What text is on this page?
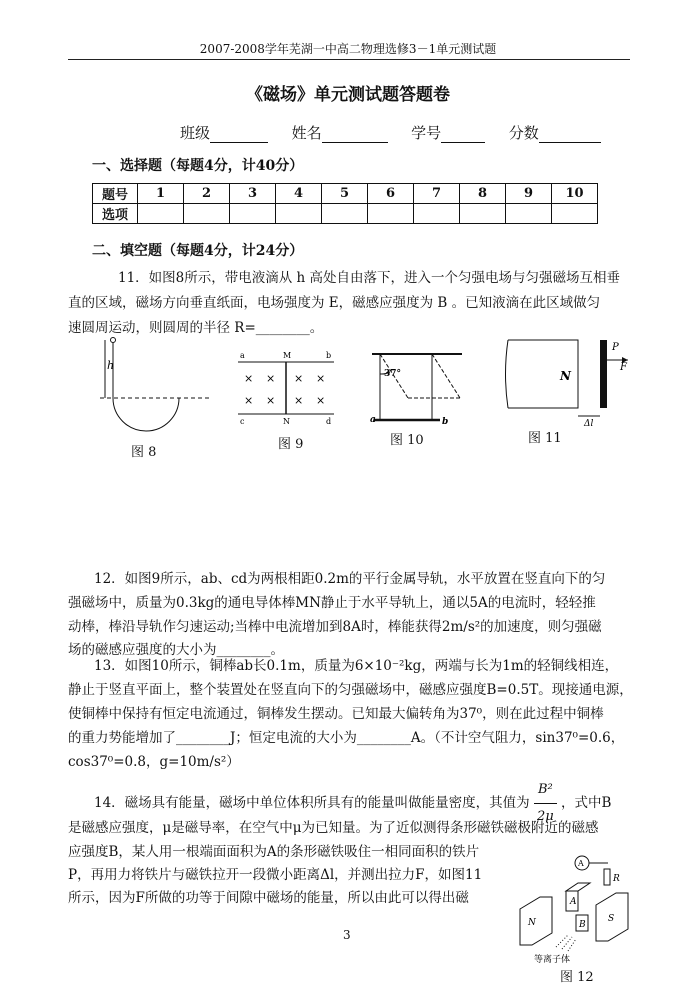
2007-2008学年芜湖一中高二物理选修3－1单元测试题
《磁场》单元测试题答题卷
班级	姓名	学号	分数
一、选择题（每题4分，计40分）
题号	1	2	3	4	5	6	7	8	9	10
选项										
二、填空题（每题4分，计24分）
11．如图8所示，带电液滴从 h 高处自由落下，进入一个匀强电场与匀强磁场互相垂
直的区域，磁场方向垂直纸面，电场强度为 E，磁感应强度为 B 。已知液滴在此区域做匀
速圆周运动，则圆周的半径 R=________。
h
图 8
a	M	b
× × × ×
× × × ×
c	N	d
图 9
37°
a	b
图 10
N
P
F
Δl
图 11
12．如图9所示，ab、cd为两根相距0.2m的平行金属导轨，水平放置在竖直向下的匀
强磁场中，质量为0.3kg的通电导体棒MN静止于水平导轨上，通以5A的电流时，轻轻推
动棒，棒沿导轨作匀速运动;当棒中电流增加到8A时，棒能获得2m/s²的加速度，则匀强磁
场的磁感应强度的大小为________。
13．如图10所示，铜棒ab长0.1m，质量为6×10⁻²kg，两端与长为1m的轻铜线相连，
静止于竖直平面上，整个装置处在竖直向下的匀强磁场中，磁感应强度B=0.5T。现接通电源，
使铜棒中保持有恒定电流通过，铜棒发生摆动。已知最大偏转角为37⁰，则在此过程中铜棒
的重力势能增加了________J；恒定电流的大小为________A。（不计空气阻力，sin37⁰=0.6，
cos37⁰=0.8，g=10m/s²）
14．磁场具有能量，磁场中单位体积所具有的能量叫做能量密度，其值为 $\frac{\text{B²}}{2\mu}$ ，式中B
是磁感应强度，μ是磁导率，在空气中μ为已知量。为了近似测得条形磁铁磁极附近的磁感
应强度B，某人用一根端面面积为A的条形磁铁吸住一相同面积的铁片
P，再用力将铁片与磁铁拉开一段微小距离Δl，并测出拉力F，如图11
所示，因为F所做的功等于间隙中磁场的能量，所以由此可以得出磁
A
R
N
A
B
S
等离子体
图 12
3
